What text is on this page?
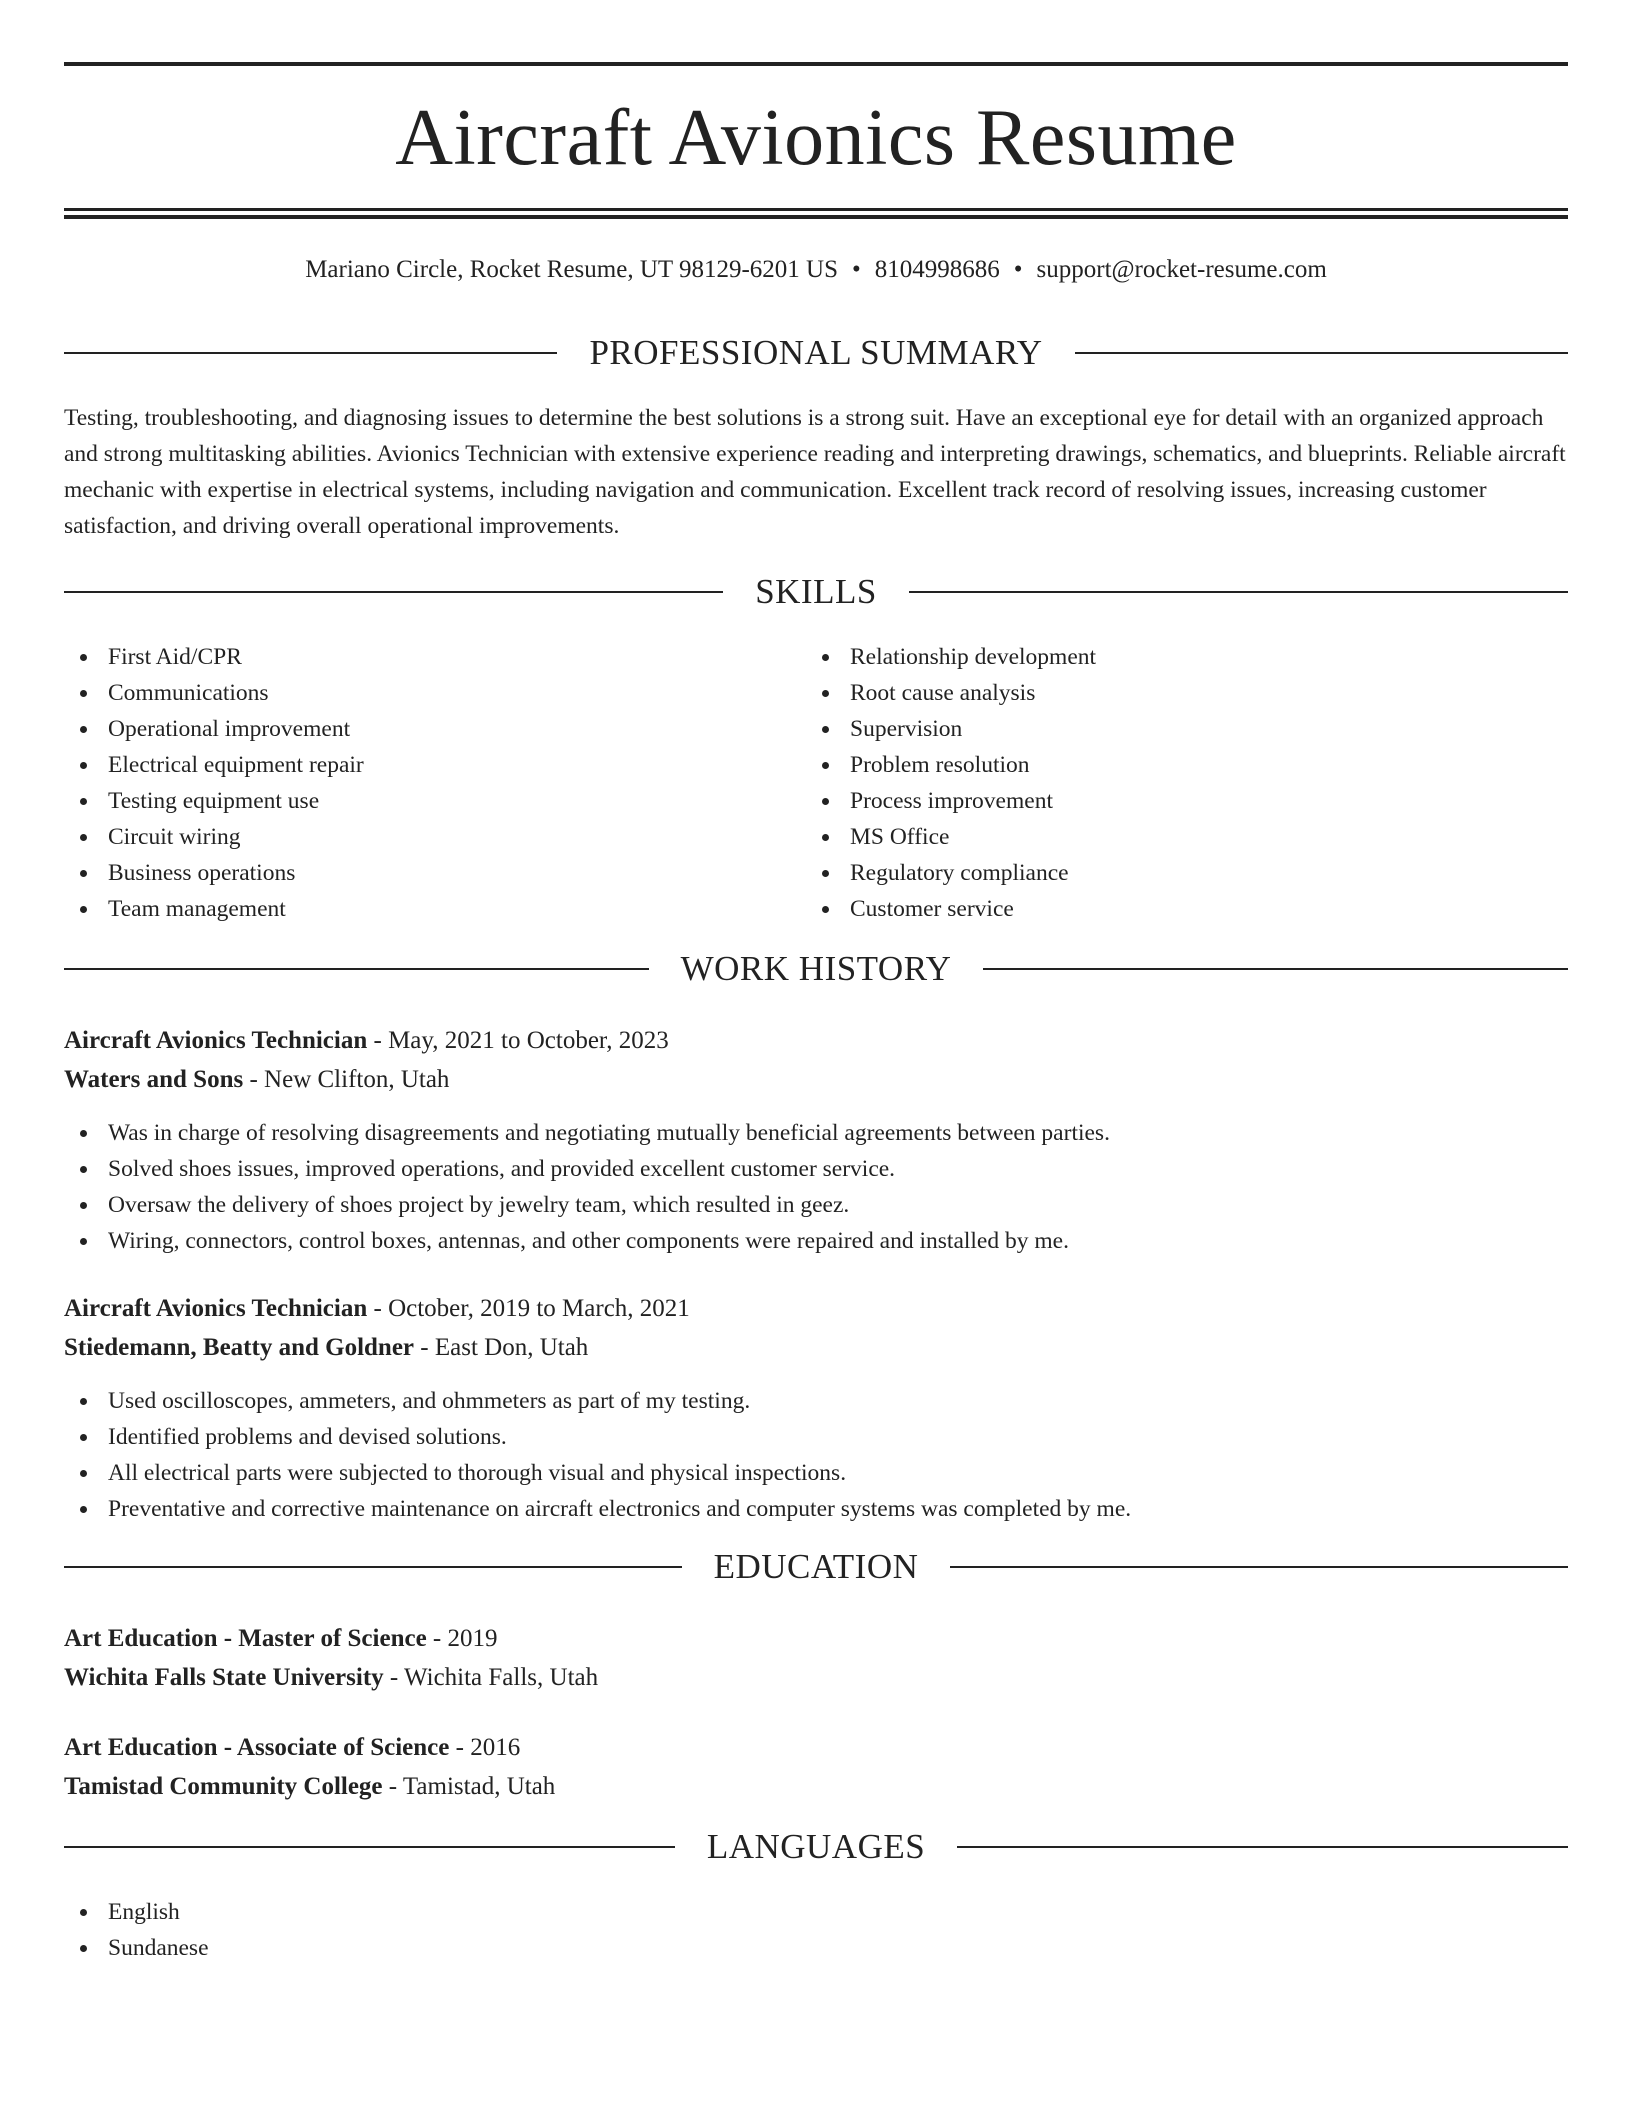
Aircraft Avionics Resume
Mariano Circle, Rocket Resume, UT 98129-6201 US • 8104998686 • support@rocket-resume.com
PROFESSIONAL SUMMARY

Testing, troubleshooting, and diagnosing issues to determine the best solutions is a strong suit. Have an exceptional eye for detail with an organized approach and strong multitasking abilities. Avionics Technician with extensive experience reading and interpreting drawings, schematics, and blueprints. Reliable aircraft mechanic with expertise in electrical systems, including navigation and communication. Excellent track record of resolving issues, increasing customer satisfaction, and driving overall operational improvements.

SKILLS
First Aid/CPR
Communications
Operational improvement
Electrical equipment repair
Testing equipment use
Circuit wiring
Business operations
Team management
Relationship development
Root cause analysis
Supervision
Problem resolution
Process improvement
MS Office
Regulatory compliance
Customer service
WORK HISTORY
Aircraft Avionics Technician - May, 2021 to October, 2023
Waters and Sons - New Clifton, Utah
Was in charge of resolving disagreements and negotiating mutually beneficial agreements between parties.
Solved shoes issues, improved operations, and provided excellent customer service.
Oversaw the delivery of shoes project by jewelry team, which resulted in geez.
Wiring, connectors, control boxes, antennas, and other components were repaired and installed by me.
Aircraft Avionics Technician - October, 2019 to March, 2021
Stiedemann, Beatty and Goldner - East Don, Utah
Used oscilloscopes, ammeters, and ohmmeters as part of my testing.
Identified problems and devised solutions.
All electrical parts were subjected to thorough visual and physical inspections.
Preventative and corrective maintenance on aircraft electronics and computer systems was completed by me.
EDUCATION
Art Education - Master of Science - 2019
Wichita Falls State University - Wichita Falls, Utah
Art Education - Associate of Science - 2016
Tamistad Community College - Tamistad, Utah
LANGUAGES
English
Sundanese
